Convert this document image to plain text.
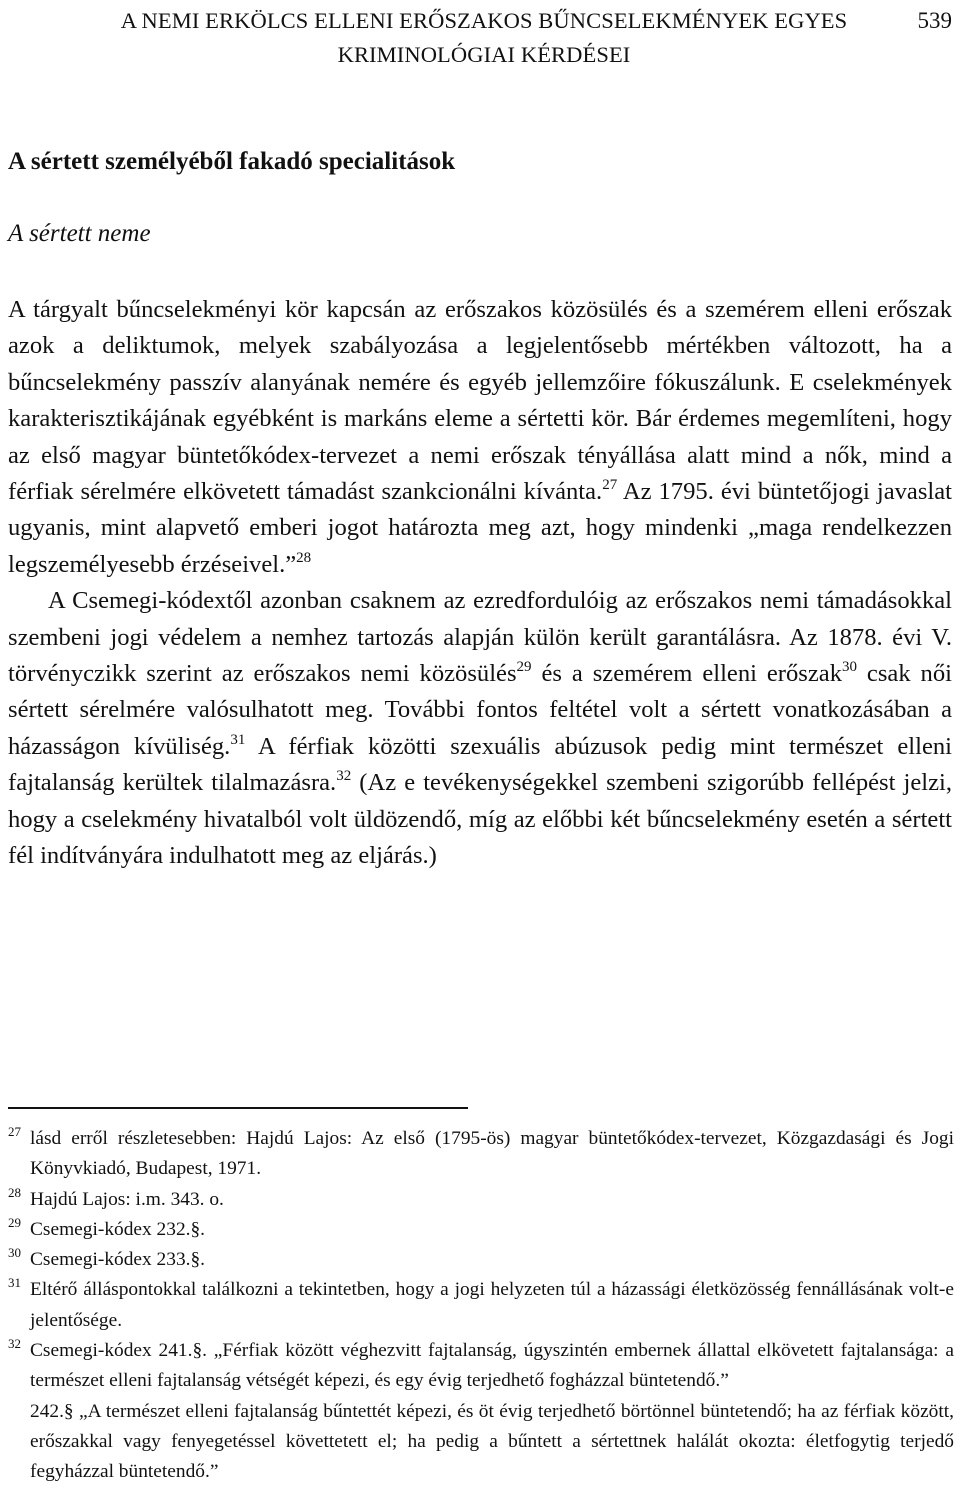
A NEMI ERKÖLCS ELLENI ERŐSZAKOS BŰNCSELEKMÉNYEK EGYES KRIMINOLÓGIAI KÉRDÉSEI
539
A sértett személyéből fakadó specialitások
A sértett neme

A tárgyalt bűncselekményi kör kapcsán az erőszakos közösülés és a szemérem elleni erőszak azok a deliktumok, melyek szabályozása a legjelentősebb mértékben változott, ha a bűncselekmény passzív alanyának nemére és egyéb jellemzőire fókuszálunk. E cselekmények karakterisztikájának egyébként is markáns eleme a sértetti kör. Bár érdemes megemlíteni, hogy az első magyar büntetőkódex-tervezet a nemi erőszak tényállása alatt mind a nők, mind a férfiak sérelmére elkövetett támadást szankcionálni kívánta.$^{27}$ Az 1795. évi büntetőjogi javaslat ugyanis, mint alapvető emberi jogot határozta meg azt, hogy mindenki „maga rendelkezzen legszemélyesebb érzéseivel.”$^{28}$

A Csemegi-kódextől azonban csaknem az ezredfordulóig az erőszakos nemi támadásokkal szembeni jogi védelem a nemhez tartozás alapján külön került garantálásra. Az 1878. évi V. törvényczikk szerint az erőszakos nemi közösülés$^{29}$ és a szemérem elleni erőszak$^{30}$ csak női sértett sérelmére valósulhatott meg. További fontos feltétel volt a sértett vonatkozásában a házasságon kívüliség.$^{31}$ A férfiak közötti szexuális abúzusok pedig mint természet elleni fajtalanság kerültek tilalmazásra.$^{32}$ (Az e tevékenységekkel szembeni szigorúbb fellépést jelzi, hogy a cselekmény hivatalból volt üldözendő, míg az előbbi két bűncselekmény esetén a sértett fél indítványára indulhatott meg az eljárás.)

27 lásd erről részletesebben: Hajdú Lajos: Az első (1795-ös) magyar büntetőkódex-tervezet, Közgazdasági és Jogi Könyvkiadó, Budapest, 1971.
28 Hajdú Lajos: i.m. 343. o.
29 Csemegi-kódex 232.§.
30 Csemegi-kódex 233.§.
31 Eltérő álláspontokkal találkozni a tekintetben, hogy a jogi helyzeten túl a házassági életközösség fennállásának volt-e jelentősége.
32 Csemegi-kódex 241.§. „Férfiak között véghezvitt fajtalanság, úgyszintén embernek állattal elkövetett fajtalansága: a természet elleni fajtalanság vétségét képezi, és egy évig terjedhető fogházzal büntetendő.”
242.§ „A természet elleni fajtalanság bűntettét képezi, és öt évig terjedhető börtönnel büntetendő; ha az férfiak között, erőszakkal vagy fenyegetéssel követtetett el; ha pedig a bűntett a sértettnek halálát okozta: életfogytig terjedő fegyházzal büntetendő.”
